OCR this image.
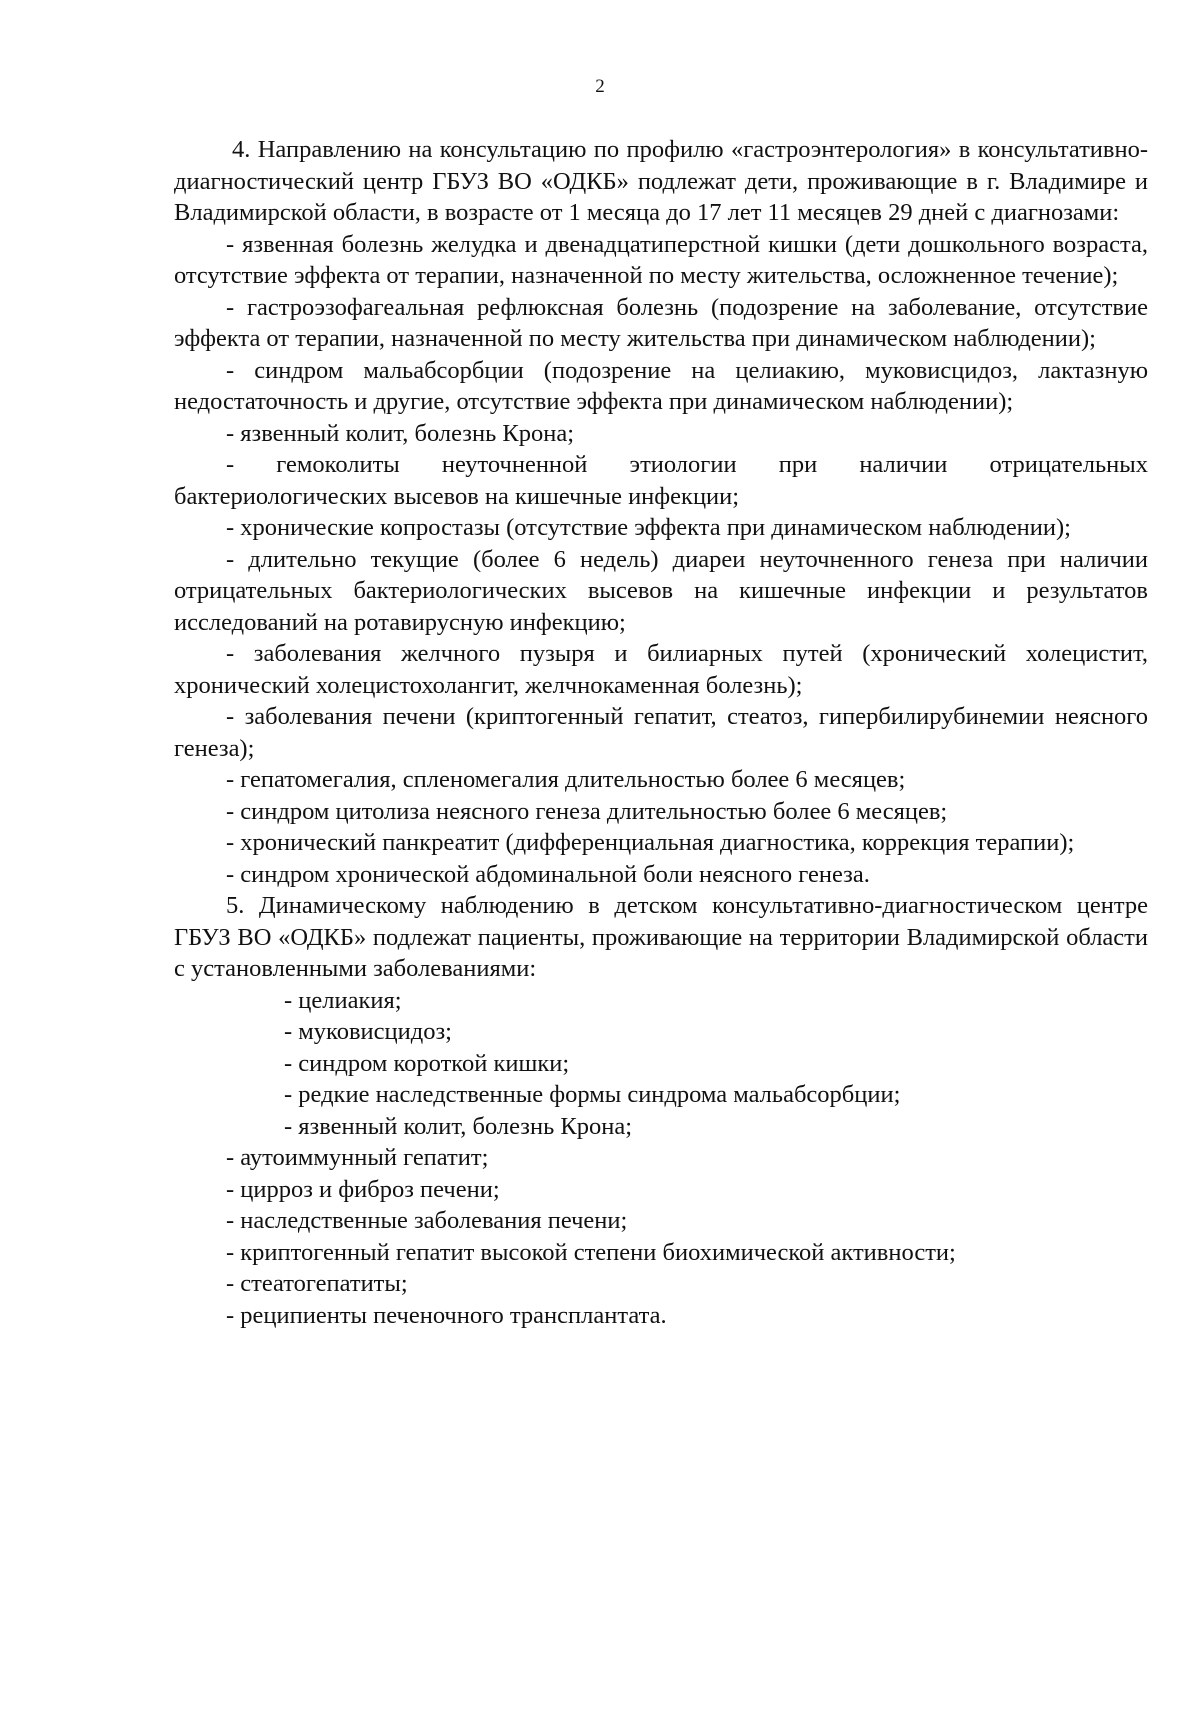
2

4. Направлению на консультацию по профилю «гастроэнтерология» в консультативно-диагностический центр ГБУЗ ВО «ОДКБ» подлежат дети, проживающие в г. Владимире и Владимирской области, в возрасте от 1 месяца до 17 лет 11 месяцев 29 дней с диагнозами:

- язвенная болезнь желудка и двенадцатиперстной кишки (дети дошкольного возраста, отсутствие эффекта от терапии, назначенной по месту жительства, осложненное течение);

- гастроэзофагеальная рефлюксная болезнь (подозрение на заболевание, отсутствие эффекта от терапии, назначенной по месту жительства при динамическом наблюдении);

- синдром мальабсорбции (подозрение на целиакию, муковисцидоз, лактазную недостаточность и другие, отсутствие эффекта при динамическом наблюдении);

- язвенный колит, болезнь Крона;

- гемоколиты неуточненной этиологии при наличии отрицательных бактериологических высевов на кишечные инфекции;

- хронические копростазы (отсутствие эффекта при динамическом наблюдении);

- длительно текущие (более 6 недель) диареи неуточненного генеза при наличии отрицательных бактериологических высевов на кишечные инфекции и результатов исследований на ротавирусную инфекцию;

- заболевания желчного пузыря и билиарных путей (хронический холецистит, хронический холецистохолангит, желчнокаменная болезнь);

- заболевания печени (криптогенный гепатит, стеатоз, гипербилирубинемии неясного генеза);

- гепатомегалия, спленомегалия длительностью более 6 месяцев;

- синдром цитолиза неясного генеза длительностью более 6 месяцев;

- хронический панкреатит (дифференциальная диагностика, коррекция терапии);

- синдром хронической абдоминальной боли неясного генеза.

5. Динамическому наблюдению в детском консультативно-диагностическом центре ГБУЗ ВО «ОДКБ» подлежат пациенты, проживающие на территории Владимирской области с установленными заболеваниями:

- целиакия;

- муковисцидоз;

- синдром короткой кишки;

- редкие наследственные формы синдрома мальабсорбции;

- язвенный колит, болезнь Крона;

- аутоиммунный гепатит;

- цирроз и фиброз печени;

- наследственные заболевания печени;

- криптогенный гепатит высокой степени биохимической активности;

- стеатогепатиты;

- реципиенты печеночного трансплантата.
